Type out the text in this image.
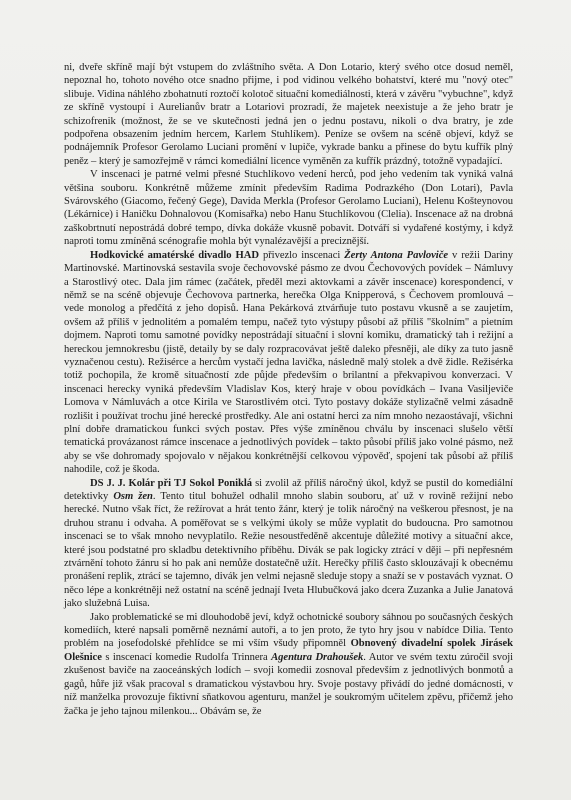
ni, dveře skříně mají být vstupem do zvláštního světa. A Don Lotario, který svého otce dosud neměl, nepoznal ho, tohoto nového otce snadno přijme, i pod vidinou velkého bohatství, které mu "nový otec" slibuje. Vidina náhlého zbohatnutí roztočí kolotoč situační komediálnosti, která v závěru "vybuchne", když ze skříně vystoupí i Aurelianův bratr a Lotariovi prozradí, že majetek neexistuje a že jeho bratr je schizofrenik (možnost, že se ve skutečnosti jedná jen o jednu postavu, nikoli o dva bratry, je zde podpořena obsazením jedním hercem, Karlem Stuhlíkem). Peníze se ovšem na scéně objeví, když se podnájemník Profesor Gerolamo Luciani promění v lupiče, vykrade banku a přinese do bytu kufřík plný peněz – který je samozřejmě v rámci komediální licence vyměněn za kufřík prázdný, totožně vypadající.

V inscenaci je patrné velmi přesné Stuchlíkovo vedení herců, pod jeho vedením tak vyniká valná většina souboru. Konkrétně můžeme zmínit především Radima Podrazkého (Don Lotari), Pavla Svárovského (Giacomo, řečený Gege), Davida Merkla (Profesor Gerolamo Luciani), Helenu Košteynovou (Lékárnice) i Haničku Dohnalovou (Komisařka) nebo Hanu Stuchlíkovou (Clelia). Inscenace až na drobná zaškobrtnutí nepostrádá dobré tempo, dívka dokáže vkusně pobavit. Dotváří si vydařené kostýmy, i když naproti tomu zmíněná scénografie mohla být vynalézavější a preciznější.

Hodkovické amatérské divadlo HAD přivezlo inscenaci Žerty Antona Pavloviče v režii Dariny Martinovské. Martinovská sestavila svoje čechovovské pásmo ze dvou Čechovových povídek – Námluvy a Starostlivý otec. Dala jim rámec (začátek, předěl mezi aktovkami a závěr inscenace) korespondencí, v němž se na scéně objevuje Čechovova partnerka, herečka Olga Knipperová, s Čechovem promlouvá – vede monolog a předčítá z jeho dopisů. Hana Pekárková ztvárňuje tuto postavu vkusně a se zaujetím, ovšem až příliš v jednolitém a pomalém tempu, načež tyto výstupy působí až příliš "školním" a pietním dojmem. Naproti tomu samotné povídky nepostrádají situační i slovní komiku, dramatický tah i režijní a hereckou jemnokresbu (jistě, detaily by se daly rozpracovávat ještě daleko přesněji, ale díky za tuto jasně vyznačenou cestu). Režisérce a hercům vystačí jedna lavička, následně malý stolek a dvě židle. Režisérka totiž pochopila, že kromě situačností zde půjde především o brilantní a překvapivou konverzaci. V inscenaci herecky vyniká především Vladislav Kos, který hraje v obou povídkách – Ivana Vasiljeviče Lomova v Námluvách a otce Kirila ve Starostlivém otci. Tyto postavy dokáže stylizačně velmi zásadně rozlišit i používat trochu jiné herecké prostředky. Ale ani ostatní herci za ním mnoho nezaostávají, všichni plní dobře dramatickou funkci svých postav. Přes výše zmíněnou chválu by inscenaci slušelo větší tematická provázanost rámce inscenace a jednotlivých povídek – takto působí příliš jako volné pásmo, než aby se vše dohromady spojovalo v nějakou konkrétnější celkovou výpověď, spojení tak působí až příliš nahodile, což je škoda.

DS J. J. Kolár při TJ Sokol Poniklá si zvolil až příliš náročný úkol, když se pustil do komediální detektivky Osm žen. Tento titul bohužel odhalil mnoho slabin souboru, ať už v rovině režijní nebo herecké. Nutno však říct, že režírovat a hrát tento žánr, který je tolik náročný na veškerou přesnost, je na druhou stranu i odvaha. A poměřovat se s velkými úkoly se může vyplatit do budoucna. Pro samotnou inscenaci se to však mnoho nevyplatilo. Režie nesoustředěně akcentuje důležité motivy a situační akce, které jsou podstatné pro skladbu detektivního příběhu. Divák se pak logicky ztrácí v ději – při nepřesném ztvárnění tohoto žánru si ho pak ani nemůže dostatečně užít. Herečky příliš často sklouzávají k obecnému pronášení replik, ztrácí se tajemno, divák jen velmi nejasně sleduje stopy a snaží se v postavách vyznat. O něco lépe a konkrétněji než ostatní na scéně jednají Iveta Hlubučková jako dcera Zuzanka a Julie Janatová jako služebná Luisa.

Jako problematické se mi dlouhodobě jeví, když ochotnické soubory sáhnou po současných českých komediích, které napsali poměrně neznámí autoři, a to jen proto, že tyto hry jsou v nabídce Dilia. Tento problém na josefodolské přehlídce se mi vším všudy připomněl Obnovený divadelní spolek Jirásek Olešnice s inscenací komedie Rudolfa Trinnera Agentura Drahoušek. Autor ve svém textu zúročil svoji zkušenost baviče na zaoceánských lodích – svoji komedii zosnoval především z jednotlivých bonmotů a gagů, hůře již však pracoval s dramatickou výstavbou hry. Svoje postavy přivádí do jedné domácnosti, v níž manželka provozuje fiktivní sňatkovou agenturu, manžel je soukromým učitelem zpěvu, přičemž jeho žačka je jeho tajnou milenkou... Obávám se, že
